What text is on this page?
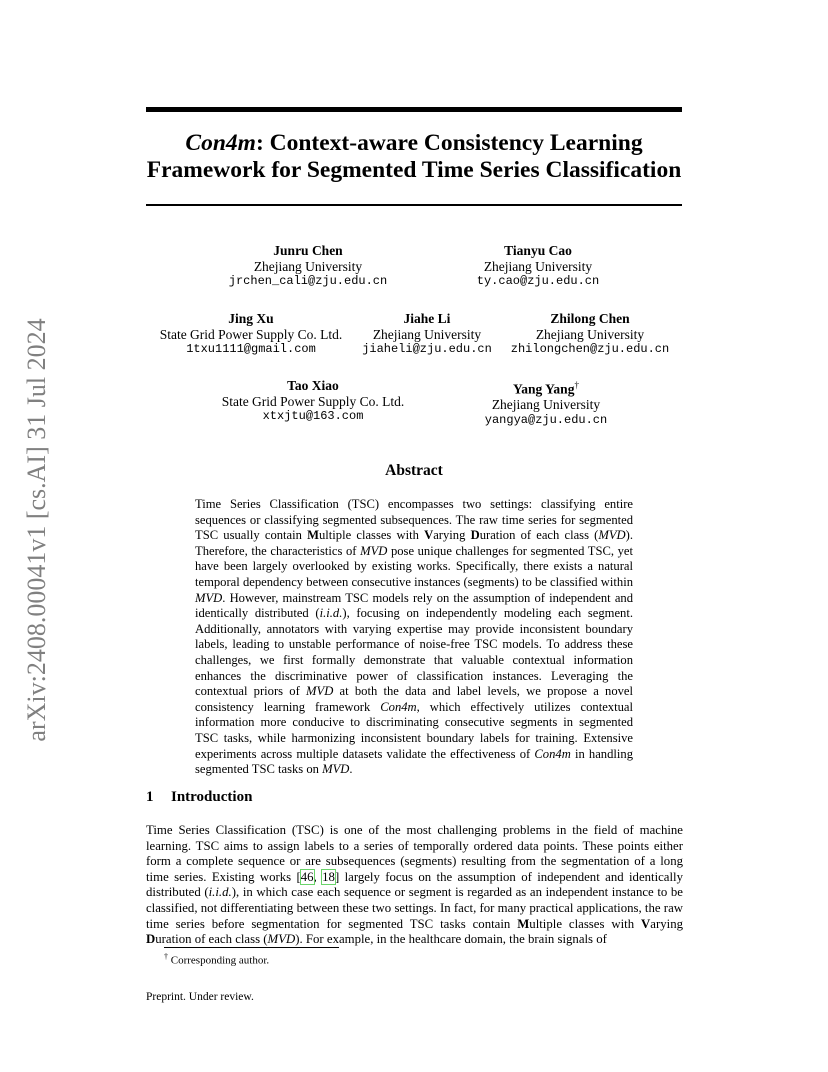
arXiv:2408.00041v1 [cs.AI] 31 Jul 2024
Con4m: Context-aware Consistency Learning
Framework for Segmented Time Series Classification
Junru Chen
Zhejiang University
jrchen_cali@zju.edu.cn
Tianyu Cao
Zhejiang University
ty.cao@zju.edu.cn
Jing Xu
State Grid Power Supply Co. Ltd.
1txu1111@gmail.com
Jiahe Li
Zhejiang University
jiaheli@zju.edu.cn
Zhilong Chen
Zhejiang University
zhilongchen@zju.edu.cn
Tao Xiao
State Grid Power Supply Co. Ltd.
xtxjtu@163.com
Yang Yang†
Zhejiang University
yangya@zju.edu.cn
Abstract

Time Series Classification (TSC) encompasses two settings: classifying entire sequences or classifying segmented subsequences. The raw time series for segmented TSC usually contain Multiple classes with Varying Duration of each class (MVD). Therefore, the characteristics of MVD pose unique challenges for segmented TSC, yet have been largely overlooked by existing works. Specifically, there exists a natural temporal dependency between consecutive instances (segments) to be classified within MVD. However, mainstream TSC models rely on the assumption of independent and identically distributed (i.i.d.), focusing on independently modeling each segment. Additionally, annotators with varying expertise may provide inconsistent boundary labels, leading to unstable performance of noise-free TSC models. To address these challenges, we first formally demonstrate that valuable contextual information enhances the discriminative power of classification instances. Leveraging the contextual priors of MVD at both the data and label levels, we propose a novel consistency learning framework Con4m, which effectively utilizes contextual information more conducive to discriminating consecutive segments in segmented TSC tasks, while harmonizing inconsistent boundary labels for training. Extensive experiments across multiple datasets validate the effectiveness of Con4m in handling segmented TSC tasks on MVD.

1 Introduction

Time Series Classification (TSC) is one of the most challenging problems in the field of machine learning. TSC aims to assign labels to a series of temporally ordered data points. These points either form a complete sequence or are subsequences (segments) resulting from the segmentation of a long time series. Existing works [46, 18] largely focus on the assumption of independent and identically distributed (i.i.d.), in which case each sequence or segment is regarded as an independent instance to be classified, not differentiating between these two settings. In fact, for many practical applications, the raw time series before segmentation for segmented TSC tasks contain Multiple classes with Varying Duration of each class (MVD). For example, in the healthcare domain, the brain signals of

† Corresponding author.
Preprint. Under review.
